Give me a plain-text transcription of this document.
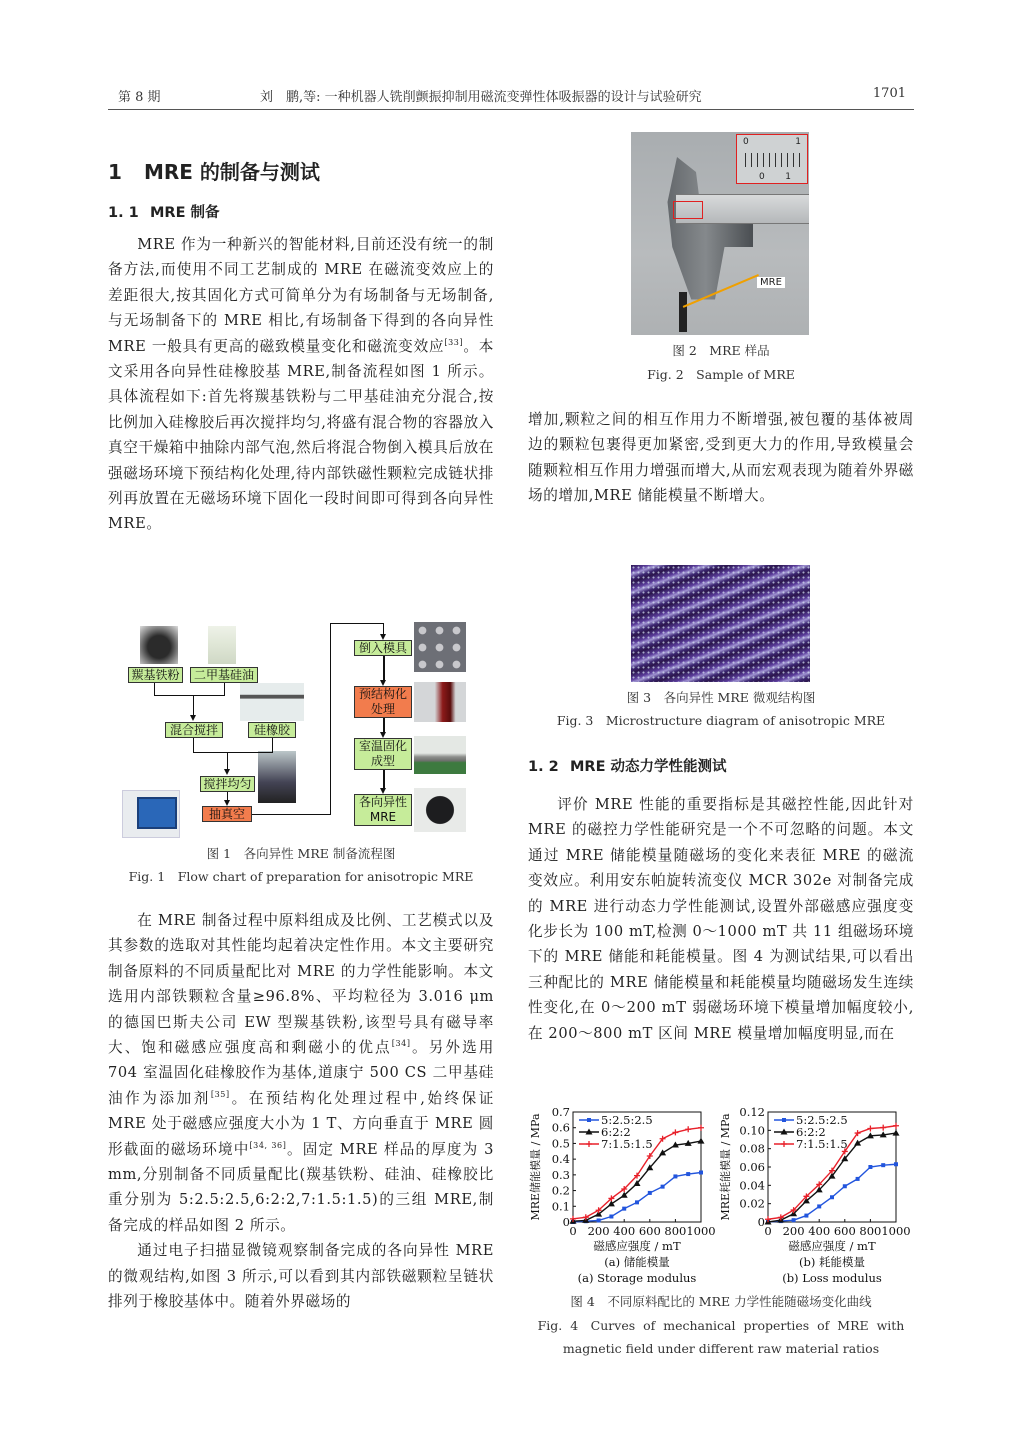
第 8 期	刘　鹏,等: 一种机器人铣削颤振抑制用磁流变弹性体吸振器的设计与试验研究	1701
1 MRE 的制备与测试
1. 1 MRE 制备

MRE 作为一种新兴的智能材料,目前还没有统一的制备方法,而使用不同工艺制成的 MRE 在磁流变效应上的差距很大,按其固化方式可简单分为有场制备与无场制备,与无场制备下的 MRE 相比,有场制备下得到的各向异性 MRE 一般具有更高的磁致模量变化和磁流变效应[33]。本文采用各向异性硅橡胶基 MRE,制备流程如图 1 所示。具体流程如下:首先将羰基铁粉与二甲基硅油充分混合,按比例加入硅橡胶后再次搅拌均匀,将盛有混合物的容器放入真空干燥箱中抽除内部气泡,然后将混合物倒入模具后放在强磁场环境下预结构化处理,待内部铁磁性颗粒完成链状排列再放置在无磁场环境下固化一段时间即可得到各向异性 MRE。

在 MRE 制备过程中原料组成及比例、工艺模式以及其参数的选取对其性能均起着决定性作用。本文主要研究制备原料的不同质量配比对 MRE 的力学性能影响。本文选用内部铁颗粒含量≥96.8%、平均粒径为 3.016 μm 的德国巴斯夫公司 EW 型羰基铁粉,该型号具有磁导率大、饱和磁感应强度高和剩磁小的优点[34]。另外选用 704 室温固化硅橡胶作为基体,道康宁 500 CS 二甲基硅油作为添加剂[35]。在预结构化处理过程中,始终保证 MRE 处于磁感应强度大小为 1 T、方向垂直于 MRE 圆形截面的磁场环境中[34, 36]。固定 MRE 样品的厚度为 3 mm,分别制备不同质量配比(羰基铁粉、硅油、硅橡胶比重分别为 5:2.5:2.5,6:2:2,7:1.5:1.5)的三组 MRE,制备完成的样品如图 2 所示。

通过电子扫描显微镜观察制备完成的各向异性 MRE 的微观结构,如图 3 所示,可以看到其内部铁磁颗粒呈链状排列于橡胶基体中。随着外界磁场的

羰基铁粉	二甲基硅油
混合搅拌	硅橡胶
搅拌均匀
抽真空
倒入模具
预结构化
处理
室温固化
成型
各向异性
MRE
图 1　各向异性 MRE 制备流程图
Fig. 1　Flow chart of preparation for anisotropic MRE
0	1
0 1
MRE
图 2　MRE 样品
Fig. 2　Sample of MRE

增加,颗粒之间的相互作用力不断增强,被包覆的基体被周边的颗粒包裹得更加紧密,受到更大力的作用,导致模量会随颗粒相互作用力增强而增大,从而宏观表现为随着外界磁场的增加,MRE 储能模量不断增大。

图 3　各向异性 MRE 微观结构图
Fig. 3　Microstructure diagram of anisotropic MRE
1. 2 MRE 动态力学性能测试

评价 MRE 性能的重要指标是其磁控性能,因此针对 MRE 的磁控力学性能研究是一个不可忽略的问题。本文通过 MRE 储能模量随磁场的变化来表征 MRE 的磁流变效应。利用安东帕旋转流变仪 MCR 302e 对制备完成的 MRE 进行动态力学性能测试,设置外部磁感应强度变化步长为 100 mT,检测 0～1000 mT 共 11 组磁场环境下的 MRE 储能和耗能模量。图 4 为测试结果,可以看出三种配比的 MRE 储能模量和耗能模量均随磁场发生连续性变化,在 0～200 mT 弱磁场环境下模量增加幅度较小,在 200～800 mT 区间 MRE 模量增加幅度明显,而在

0
0.1
0.2
0.3
0.4
0.5
0.6
0.7
0 200 400 600 800 1000
磁感应强度 / mT
MRE储能模量 / MPa
(a) 储能模量
(a) Storage modulus
5:2.5:2.5
6:2:2
7:1.5:1.5
0
0.02
0.04
0.06
0.08
0.10
0.12
0 200 400 600 800 1000
磁感应强度 / mT
MRE耗能模量 / MPa
(b) 耗能模量
(b) Loss modulus
5:2.5:2.5
6:2:2
7:1.5:1.5
图 4　不同原料配比的 MRE 力学性能随磁场变化曲线
Fig. 4　Curves of mechanical properties of MRE with
magnetic field under different raw material ratios
